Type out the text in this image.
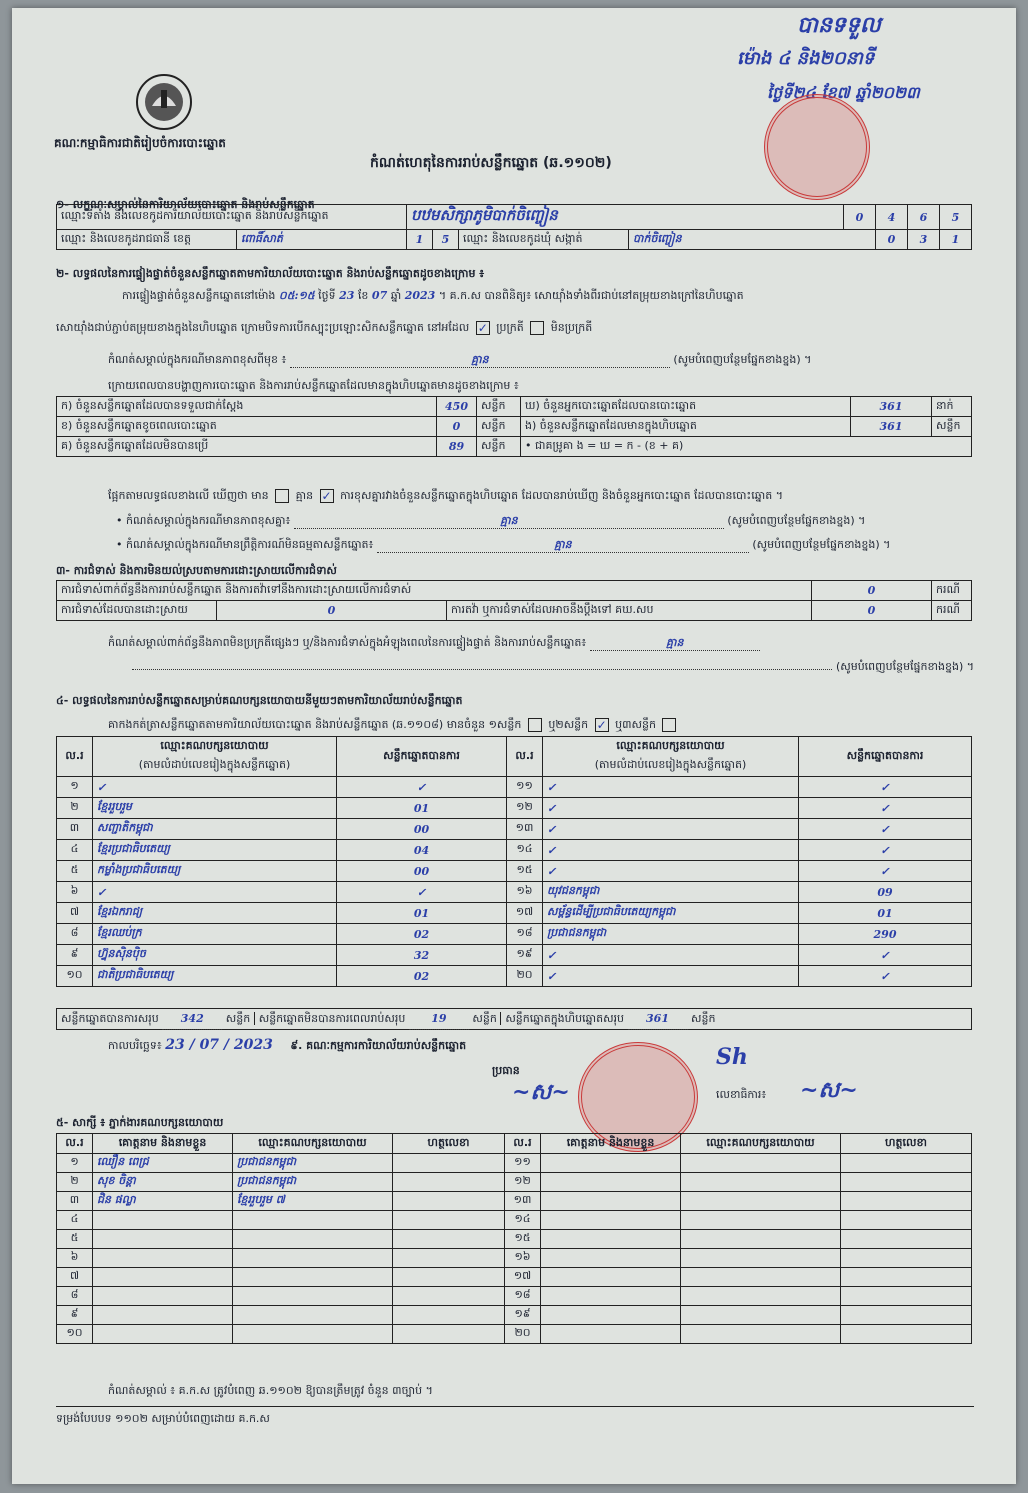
គណៈកម្មាធិការជាតិរៀបចំការបោះឆ្នោត
កំណត់ហេតុនៃការរាប់សន្លឹកឆ្នោត (ឆ.១១០២)
បានទទួល
ម៉ោង ៤ និង២០នាទី
ថ្ងៃទី២៤ ខែ៧ ឆ្នាំ២០២៣
១- លក្ខណៈសម្គាល់នៃការិយាល័យបោះឆ្នោត និងរាប់សន្លឹកឆ្នោត
ឈ្មោះទីតាំង និងលេខកូដការិយាល័យបោះឆ្នោត និងរាប់សន្លឹកឆ្នោត	បឋមសិក្សាភូមិបាក់ចិញ្ចៀន	0	4	6	5
ឈ្មោះ និងលេខកូដរាជធានី ខេត្ត	ពោធិ៍សាត់	1	5	ឈ្មោះ និងលេខកូដឃុំ សង្កាត់	បាក់ចិញ្ចៀន	0	3	1
២- លទ្ធផលនៃការផ្ទៀងផ្ទាត់ចំនួនសន្លឹកឆ្នោតតាមការិយាល័យបោះឆ្នោត និងរាប់សន្លឹកឆ្នោតដូចខាងក្រោម ៖
ការផ្ទៀងផ្ទាត់ចំនួនសន្លឹកឆ្នោតនៅម៉ោង ០៥:១៥ ថ្ងៃទី 23 ខែ 07 ឆ្នាំ 2023 ។ គ.ក.ស បានពិនិត្យ៖ សោយ៉ាំងទាំងពីរជាប់នៅតម្រុយខាងក្រៅនៃហិបឆ្នោត
សោយ៉ាំងជាប់ភ្ជាប់តម្រុយខាងក្នុងនៃហិបឆ្នោត ក្រោមបិទការបើកស្បុះប្រឡោះសិកសន្លឹកឆ្នោត នៅអដែល ✓ ប្រក្រតី មិនប្រក្រតី
កំណត់សម្គាល់ក្នុងករណីមានភាពខុសពីមុខ ៖	គ្មាន	(សូមបំពេញបន្ថែមផ្នែកខាងខ្នង) ។
ក្រោយពេលបានបង្ហាញការបោះឆ្នោត និងការរាប់សន្លឹកឆ្នោតដែលមានក្នុងហិបឆ្នោតមានដូចខាងក្រោម ៖
ក) ចំនួនសន្លឹកឆ្នោតដែលបានទទួលជាក់ស្តែង	450	សន្លឹក	ឃ) ចំនួនអ្នកបោះឆ្នោតដែលបានបោះឆ្នោត	361	នាក់
ខ) ចំនួនសន្លឹកឆ្នោតខូចពេលបោះឆ្នោត	0	សន្លឹក	ង) ចំនួនសន្លឹកឆ្នោតដែលមានក្នុងហិបឆ្នោត	361	សន្លឹក
គ) ចំនួនសន្លឹកឆ្នោតដែលមិនបានប្រើ	89	សន្លឹក	• ជាគម្រូគា ង = ឃ = ក - (ខ + គ)		
ផ្អែកតាមលទ្ធផលខាងលើ ឃើញថា មាន គ្មាន ✓ ការខុសគ្នារវាងចំនួនសន្លឹកឆ្នោតក្នុងហិបឆ្នោត ដែលបានរាប់ឃើញ និងចំនួនអ្នកបោះឆ្នោត ដែលបានបោះឆ្នោត ។
• កំណត់សម្គាល់ក្នុងករណីមានភាពខុសគ្នា៖	គ្មាន	(សូមបំពេញបន្ថែមផ្នែកខាងខ្នង) ។
• កំណត់សម្គាល់ក្នុងករណីមានព្រឹត្តិការណ៍មិនធម្មតាសន្លឹកឆ្នោត៖	គ្មាន	(សូមបំពេញបន្ថែមផ្នែកខាងខ្នង) ។
៣- ការជំទាស់ និងការមិនយល់ស្របតាមការដោះស្រាយលើការជំទាស់
ការជំទាស់ពាក់ព័ន្ធនឹងការរាប់សន្លឹកឆ្នោត និងការតវ៉ាទៅនឹងការដោះស្រាយលើការជំទាស់			0	ករណី
ការជំទាស់ដែលបានដោះស្រាយ	0	ការតវ៉ា ឬការជំទាស់ដែលអាចនឹងប្តឹងទៅ គឃ.សប	0	ករណី
កំណត់សម្គាល់ពាក់ព័ន្ធនឹងភាពមិនប្រក្រតីផ្សេងៗ ឬ/និងការជំទាស់ក្នុងអំឡុងពេលនៃការផ្ទៀងផ្ទាត់ និងការរាប់សន្លឹកឆ្នោត៖	គ្មាន
(សូមបំពេញបន្ថែមផ្នែកខាងខ្នង) ។
៤- លទ្ធផលនៃការរាប់សន្លឹកឆ្នោតសម្រាប់គណបក្សនយោបាយនីមួយៗតាមការិយាល័យរាប់សន្លឹកឆ្នោត
គាកងកត់ត្រាសន្លឹកឆ្នោតតាមការិយាល័យបោះឆ្នោត និងរាប់សន្លឹកឆ្នោត (ឆ.១១០៨) មានចំនួន ១សន្លឹក ឬ២សន្លឹក ✓ ឬ៣សន្លឹក
ល.រ	ឈ្មោះគណបក្សនយោបាយ	សន្លឹកឆ្នោតបានការ	ល.រ	ឈ្មោះគណបក្សនយោបាយ	សន្លឹកឆ្នោតបានការ
	(តាមលំដាប់លេខរៀងក្នុងសន្លឹកឆ្នោត)			(តាមលំដាប់លេខរៀងក្នុងសន្លឹកឆ្នោត)	
១	✓	✓	១១	✓	✓
២	ខ្មែរ​រួបរួម	01	១២	✓	✓
៣	សញ្ជាតិកម្ពុជា	00	១៣	✓	✓
៤	ខ្មែរប្រជាធិបតេយ្យ	04	១៤	✓	✓
៥	កម្លាំងប្រជាធិបតេយ្យ	00	១៥	✓	✓
៦	✓	✓	១៦	យុវជនកម្ពុជា	09
៧	ខ្មែរ​ឯករាជ្យ	01	១៧	សម្ព័ន្ធដើម្បីប្រជាធិបតេយ្យកម្ពុជា	01
៨	ខ្មែរឈប់ក្រ	02	១៨	ប្រជាជនកម្ពុជា	290
៩	ហ្វ៊ុនស៊ិនប៉ិច	32	១៩	✓	✓
១០	ជាតិប្រជាធិបតេយ្យ	02	២០	✓	✓
សន្លឹកឆ្នោតបានការសរុប 342 សន្លឹក សន្លឹកឆ្នោតមិនបានការពេលរាប់សរុប 19 សន្លឹក សន្លឹកឆ្នោតក្នុងហិបឆ្នោតសរុប 361 សន្លឹក
កាលបរិច្ឆេទ៖ 23 / 07 / 2023 ៩. គណៈកម្មការការិយាល័យរាប់សន្លឹកឆ្នោត
ប្រធាន
~ស~
Sh
លេខាធិការ៖ ~ស~
៥- សាក្សី ៖ ភ្នាក់ងារគណបក្សនយោបាយ
ល.រ	គោត្តនាម និងនាមខ្លួន	ឈ្មោះគណបក្សនយោបាយ	ហត្ថលេខា	ល.រ	គោត្តនាម និងនាមខ្លួន	ឈ្មោះគណបក្សនយោបាយ	ហត្ថលេខា
១	ឈឿន ពេជ្រ	ប្រជាជនកម្ពុជា		១១			
២	សុខ ចិន្តា	ប្រជាជនកម្ពុជា		១២			
៣	ជិន ផល្លា	ខ្មែររួបរួម ៧		១៣			
៤				១៤			
៥				១៥			
៦				១៦			
៧				១៧			
៨				១៨			
៩				១៩			
១០				២០			
កំណត់សម្គាល់ ៖ គ.ក.ស ត្រូវបំពេញ ឆ.១១០២ ឱ្យបានត្រឹមត្រូវ ចំនួន ៣ច្បាប់ ។
ទម្រង់បែបបទ ១១០២ សម្រាប់បំពេញដោយ គ.ក.ស
